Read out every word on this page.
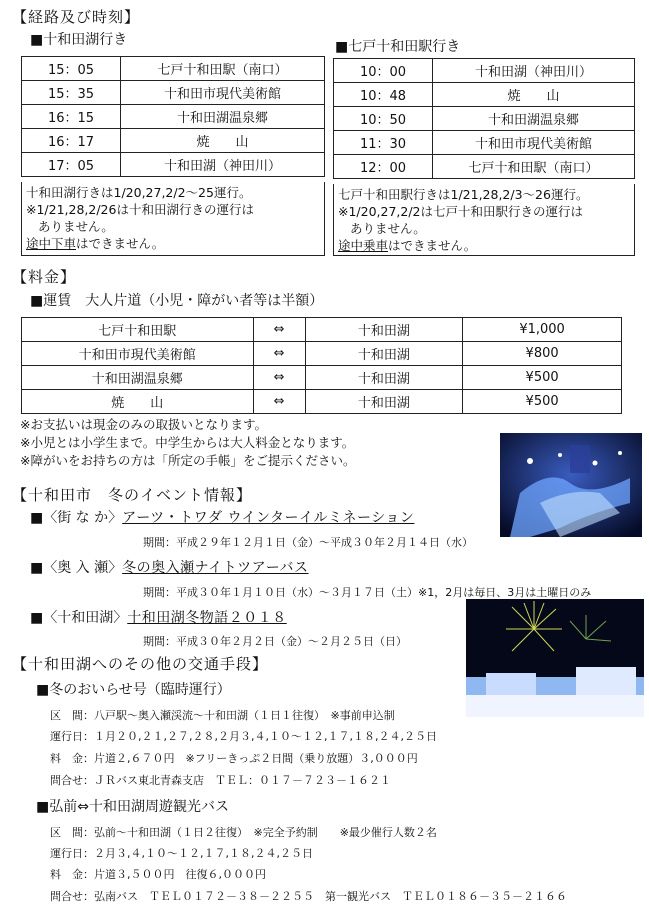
【経路及び時刻】
■十和田湖行き
15：05	七戸十和田駅（南口）
15：35	十和田市現代美術館
16：15	十和田湖温泉郷
16：17	焼　　山
17：05	十和田湖（神田川）
十和田湖行きは1/20,27,2/2～25運行。
※1/21,28,2/26は十和田湖行きの運行は
ありません。
途中下車はできません。
■七戸十和田駅行き
10：00	十和田湖（神田川）
10：48	焼　　山
10：50	十和田湖温泉郷
11：30	十和田市現代美術館
12：00	七戸十和田駅（南口）
七戸十和田駅行きは1/21,28,2/3～26運行。
※1/20,27,2/2は七戸十和田駅行きの運行は
ありません。
途中乗車はできません。
【料金】
■運賃　大人片道（小児・障がい者等は半額）
七戸十和田駅	⇔	十和田湖	¥1,000
十和田市現代美術館	⇔	十和田湖	¥800
十和田湖温泉郷	⇔	十和田湖	¥500
焼　　山	⇔	十和田湖	¥500
※お支払いは現金のみの取扱いとなります。
※小児とは小学生まで。中学生からは大人料金となります。
※障がいをお持ちの方は「所定の手帳」をご提示ください。
【十和田市　冬のイベント情報】
■〈街 な か〉アーツ・トワダ ウインターイルミネーション
期間：平成２９年１２月１日（金）～平成３０年２月１４日（水）
■〈奥 入 瀬〉冬の奥入瀬ナイトツアーバス
期間：平成３０年１月１０日（水）～３月１７日（土）※1，2月は毎日、3月は土曜日のみ
■〈十和田湖〉十和田湖冬物語２０１８
期間：平成３０年２月２日（金）～２月２５日（日）
【十和田湖へのその他の交通手段】
■冬のおいらせ号（臨時運行）
区　間：八戸駅～奥入瀬渓流～十和田湖（１日１往復）　※事前申込制
運行日：１月２０,２１,２７,２８,２月３,４,１０～１２,１７,１８,２４,２５日
料　金：片道２,６７０円　※フリーきっぷ２日間（乗り放題）３,０００円
問合せ：ＪＲバス東北青森支店　ＴＥＬ：０１７－７２３－１６２１
■弘前⇔十和田湖周遊観光バス
区　間：弘前～十和田湖（１日２往復）　※完全予約制　　※最少催行人数２名
運行日：２月３,４,１０～１２,１７,１８,２４,２５日
料　金：片道３,５００円　往復６,０００円
問合せ：弘南バス　ＴＥＬ０１７２－３８－２２５５　第一観光バス　ＴＥＬ０１８６－３５－２１６６
